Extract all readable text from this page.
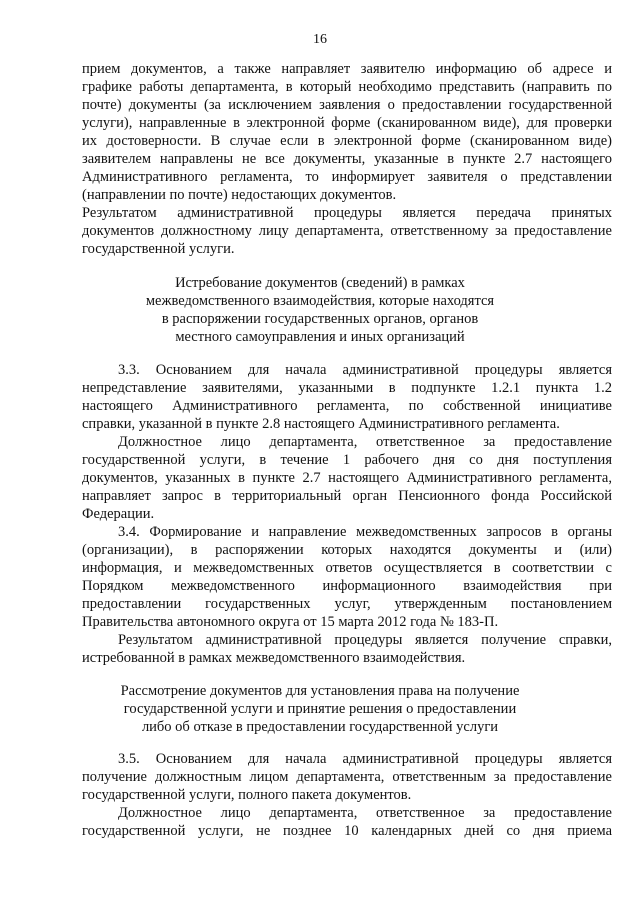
16
прием документов, а также направляет заявителю информацию об адресе и
графике работы департамента, в который необходимо представить (направить по
почте) документы (за исключением заявления о предоставлении государственной
услуги), направленные в электронной форме (сканированном виде), для проверки
их достоверности. В случае если в электронной форме (сканированном виде)
заявителем направлены не все документы, указанные в пункте 2.7 настоящего
Административного регламента, то информирует заявителя о представлении
(направлении по почте) недостающих документов.
Результатом административной процедуры является передача принятых
документов должностному лицу департамента, ответственному за предоставление
государственной услуги.
Истребование документов (сведений) в рамках
межведомственного взаимодействия, которые находятся
в распоряжении государственных органов, органов
местного самоуправления и иных организаций
3.3. Основанием для начала административной процедуры является
непредставление заявителями, указанными в подпункте 1.2.1 пункта 1.2
настоящего Административного регламента, по собственной инициативе
справки, указанной в пункте 2.8 настоящего Административного регламента.
Должностное лицо департамента, ответственное за предоставление
государственной услуги, в течение 1 рабочего дня со дня поступления
документов, указанных в пункте 2.7 настоящего Административного регламента,
направляет запрос в территориальный орган Пенсионного фонда Российской
Федерации.
3.4. Формирование и направление межведомственных запросов в органы
(организации), в распоряжении которых находятся документы и (или)
информация, и межведомственных ответов осуществляется в соответствии с
Порядком межведомственного информационного взаимодействия при
предоставлении государственных услуг, утвержденным постановлением
Правительства автономного округа от 15 марта 2012 года № 183-П.
Результатом административной процедуры является получение справки,
истребованной в рамках межведомственного взаимодействия.
Рассмотрение документов для установления права на получение
государственной услуги и принятие решения о предоставлении
либо об отказе в предоставлении государственной услуги
3.5. Основанием для начала административной процедуры является
получение должностным лицом департамента, ответственным за предоставление
государственной услуги, полного пакета документов.
Должностное лицо департамента, ответственное за предоставление
государственной услуги, не позднее 10 календарных дней со дня приема
